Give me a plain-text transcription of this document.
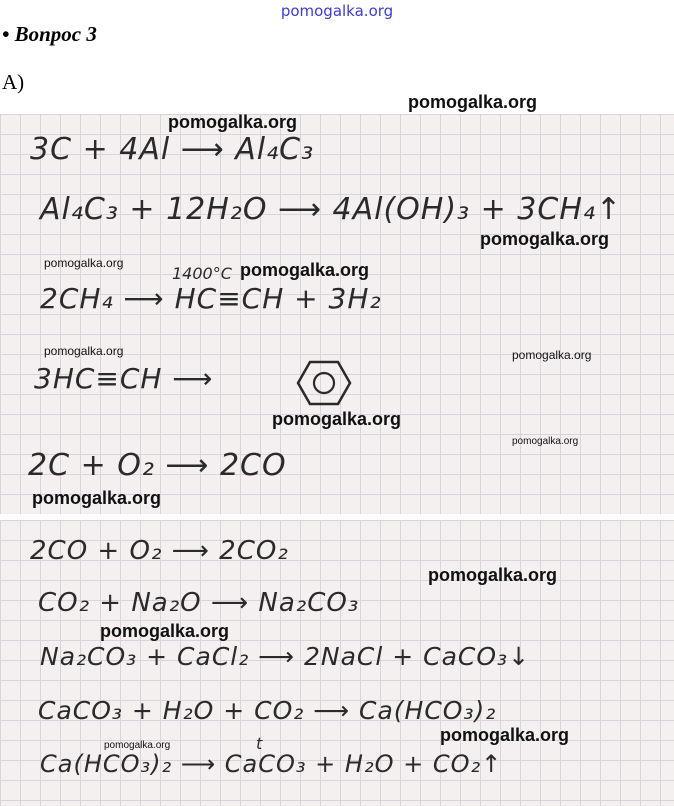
pomogalka.org
• Вопрос 3
А)
3C + 4Al ⟶ Al₄C₃
Al₄C₃ + 12H₂O ⟶ 4Al(OH)₃ + 3CH₄↑
1400°C
2CH₄ ⟶ HC≡CH + 3H₂
3HC≡CH ⟶
2C + O₂ ⟶ 2CO
2CO + O₂ ⟶ 2CO₂
CO₂ + Na₂O ⟶ Na₂CO₃
Na₂CO₃ + CaCl₂ ⟶ 2NaCl + CaCO₃↓
CaCO₃ + H₂O + CO₂ ⟶ Ca(HCO₃)₂
t
Ca(HCO₃)₂ ⟶ CaCO₃ + H₂O + CO₂↑
pomogalka.org
pomogalka.org
pomogalka.org
pomogalka.org	pomogalka.org
pomogalka.org	pomogalka.org
pomogalka.org
pomogalka.org
pomogalka.org
pomogalka.org
pomogalka.org
pomogalka.org
pomogalka.org
